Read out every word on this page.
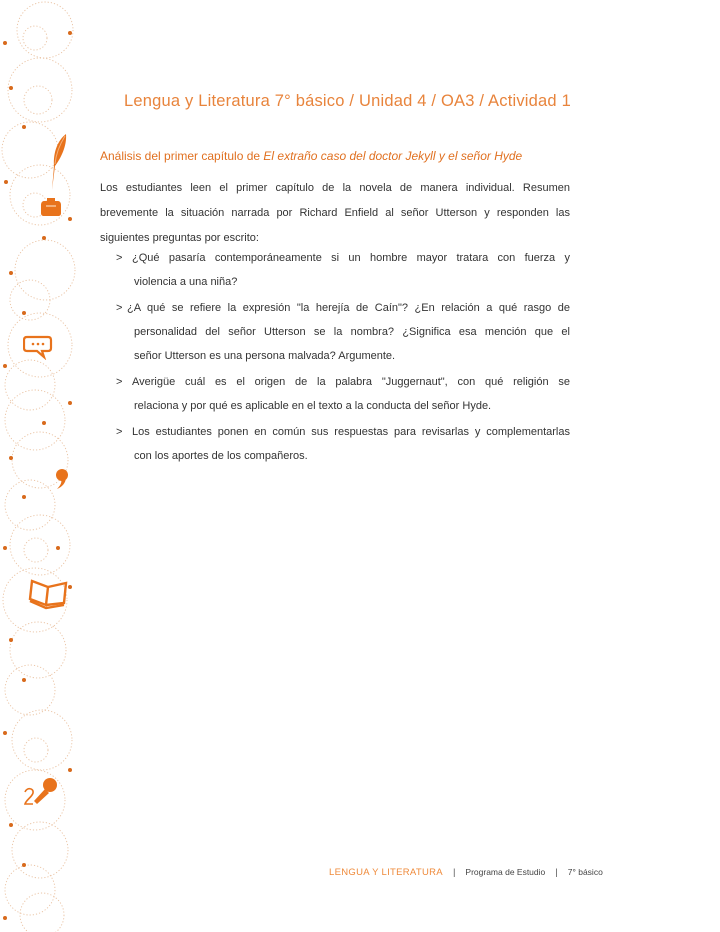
Lengua y Literatura 7° básico / Unidad 4 / OA3 / Actividad 1
Análisis del primer capítulo de El extraño caso del doctor Jekyll y el señor Hyde
Los estudiantes leen el primer capítulo de la novela de manera individual. Resumen
brevemente la situación narrada por Richard Enfield al señor Utterson y responden las
siguientes preguntas por escrito:
> ¿Qué pasaría contemporáneamente si un hombre mayor tratara con fuerza y
violencia a una niña?
> ¿A qué se refiere la expresión "la herejía de Caín"? ¿En relación a qué rasgo de
personalidad del señor Utterson se la nombra? ¿Significa esa mención que el
señor Utterson es una persona malvada? Argumente.
> Averigüe cuál es el origen de la palabra "Juggernaut", con qué religión se
relaciona y por qué es aplicable en el texto a la conducta del señor Hyde.
> Los estudiantes ponen en común sus respuestas para revisarlas y complementarlas
con los aportes de los compañeros.
LENGUA Y LITERATURA | Programa de Estudio | 7° básico
